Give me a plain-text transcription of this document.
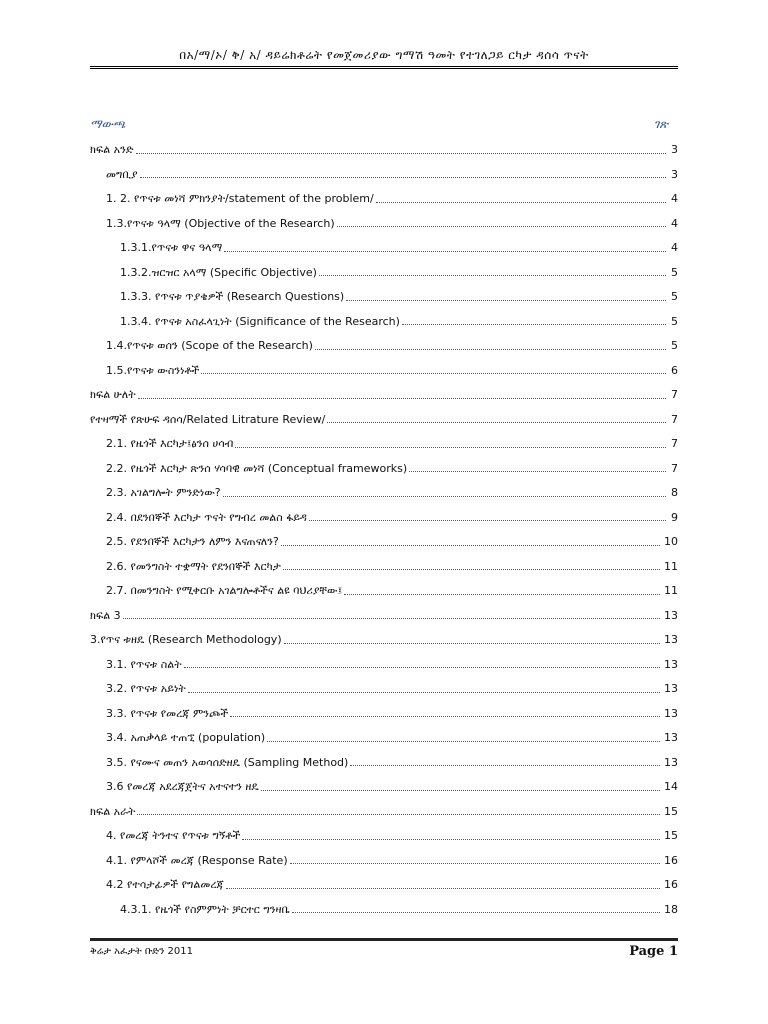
በአ/ማ/ኦ/ ቅ/ አ/ ዳይሬክቶሬት የመጀመሪያው ግማሽ ዓመት የተገለጋይ ርካታ ዳሰሳ ጥናት
ማውጫ	ገጽ
ክፍል አንድ	3
መግቢያ	3
1. 2. የጥናቱ መነሻ ምክንያት/statement of the problem/	4
1.3.የጥናቱ ዓላማ (Objective of the Research)	4
1.3.1.የጥናቱ ዋና ዓላማ	4
1.3.2.ዝርዝር አላማ (Specific Objective)	5
1.3.3. የጥናቱ ጥያቄዎች (Research Questions)	5
1.3.4. የጥናቱ አስፈላጊነት (Significance of the Research)	5
1.4.የጥናቱ ወሰን (Scope of the Research)	5
1.5.የጥናቱ ውስንነቶች	6
ክፍል ሁለት	7
የተዛማች የጽሁፍ ዳሰሳ/Related Litrature Review/	7
2.1. የዜጎች እርካታ፤ፅንሰ ሀሳብ	7
2.2. የዜጎች እርካታ ጽንሰ ሃሳባዊ መነሻ (Conceptual frameworks)	7
2.3. አገልግሎት ምንድነው?	8
2.4. በደንበኞች እርካታ ጥናት የግብረ መልስ ፋይዳ	9
2.5. የደንበኞች እርካታን ለምን እናጠናለን?	10
2.6. የመንግስት ተቋማት የደንበኞች እርካታ	11
2.7. በመንግስት የሚቀርቡ አገልግሎቶችና ልዩ ባህሪያቸው፤	11
ክፍል 3	13
3.የጥና ቱዘዴ (Research Methodology)	13
3.1. የጥናቱ ስልት	13
3.2. የጥናቱ አይነት	13
3.3. የጥናቱ የመረጃ ምንጮች	13
3.4. አጠቃላይ ተጠኚ (population)	13
3.5. የናሙና መጠን አወሳሰድዘዴ (Sampling Method)	13
3.6 የመረጃ አደረጃጀትና አተናተን ዘዴ	14
ክፍል አራት	15
4. የመረጃ ትንተና የጥናቱ ግኝቶች	15
4.1. የምላሾች መረጃ (Response Rate)	16
4.2 የተሳታፊዎች የግልመረጃ	16
4.3.1. የዜጎች የስምምነት ቻርተር ግንዛቤ	18
ቅሬታ አፈታት ቡድን 2011	Page 1
